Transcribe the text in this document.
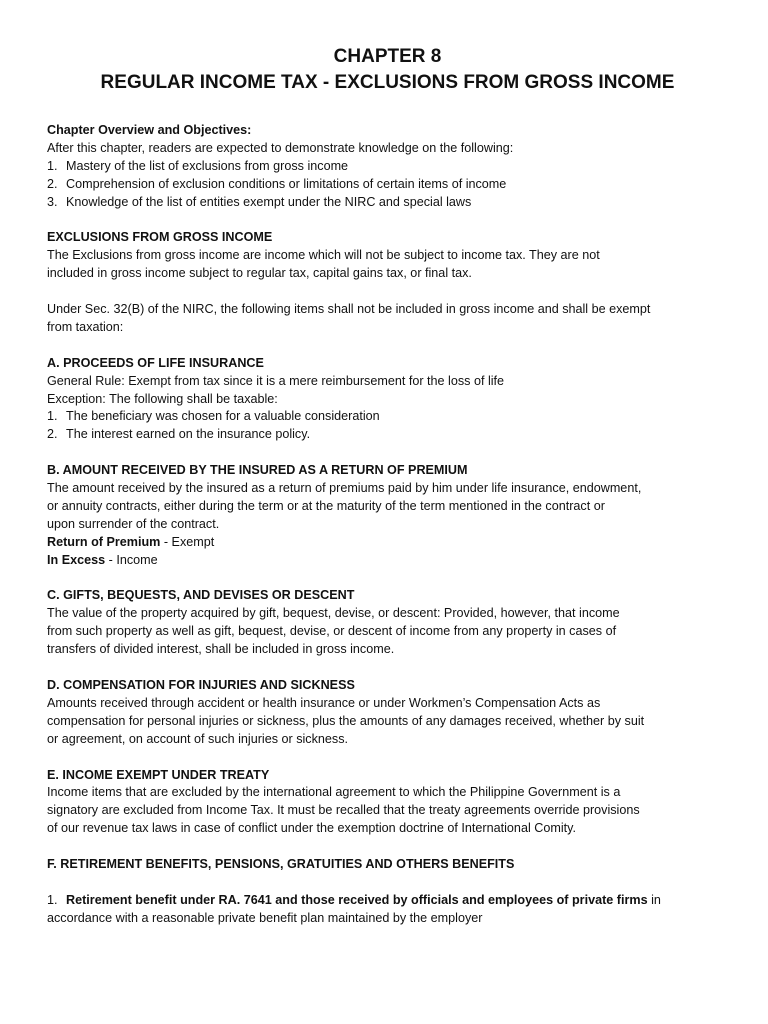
CHAPTER 8
REGULAR INCOME TAX - EXCLUSIONS FROM GROSS INCOME

Chapter Overview and Objectives:

After this chapter, readers are expected to demonstrate knowledge on the following:

1. Mastery of the list of exclusions from gross income

2. Comprehension of exclusion conditions or limitations of certain items of income

3. Knowledge of the list of entities exempt under the NIRC and special laws

EXCLUSIONS FROM GROSS INCOME

The Exclusions from gross income are income which will not be subject to income tax. They are not

included in gross income subject to regular tax, capital gains tax, or final tax.

Under Sec. 32(B) of the NIRC, the following items shall not be included in gross income and shall be exempt

from taxation:

A. PROCEEDS OF LIFE INSURANCE

General Rule: Exempt from tax since it is a mere reimbursement for the loss of life

Exception: The following shall be taxable:

1. The beneficiary was chosen for a valuable consideration

2. The interest earned on the insurance policy.

B. AMOUNT RECEIVED BY THE INSURED AS A RETURN OF PREMIUM

The amount received by the insured as a return of premiums paid by him under life insurance, endowment,

or annuity contracts, either during the term or at the maturity of the term mentioned in the contract or

upon surrender of the contract.

Return of Premium - Exempt

In Excess - Income

C. GIFTS, BEQUESTS, AND DEVISES OR DESCENT

The value of the property acquired by gift, bequest, devise, or descent: Provided, however, that income

from such property as well as gift, bequest, devise, or descent of income from any property in cases of

transfers of divided interest, shall be included in gross income.

D. COMPENSATION FOR INJURIES AND SICKNESS

Amounts received through accident or health insurance or under Workmen’s Compensation Acts as

compensation for personal injuries or sickness, plus the amounts of any damages received, whether by suit

or agreement, on account of such injuries or sickness.

E. INCOME EXEMPT UNDER TREATY

Income items that are excluded by the international agreement to which the Philippine Government is a

signatory are excluded from Income Tax. It must be recalled that the treaty agreements override provisions

of our revenue tax laws in case of conflict under the exemption doctrine of International Comity.

F. RETIREMENT BENEFITS, PENSIONS, GRATUITIES AND OTHERS BENEFITS

1. Retirement benefit under RA. 7641 and those received by officials and employees of private firms in

accordance with a reasonable private benefit plan maintained by the employer
